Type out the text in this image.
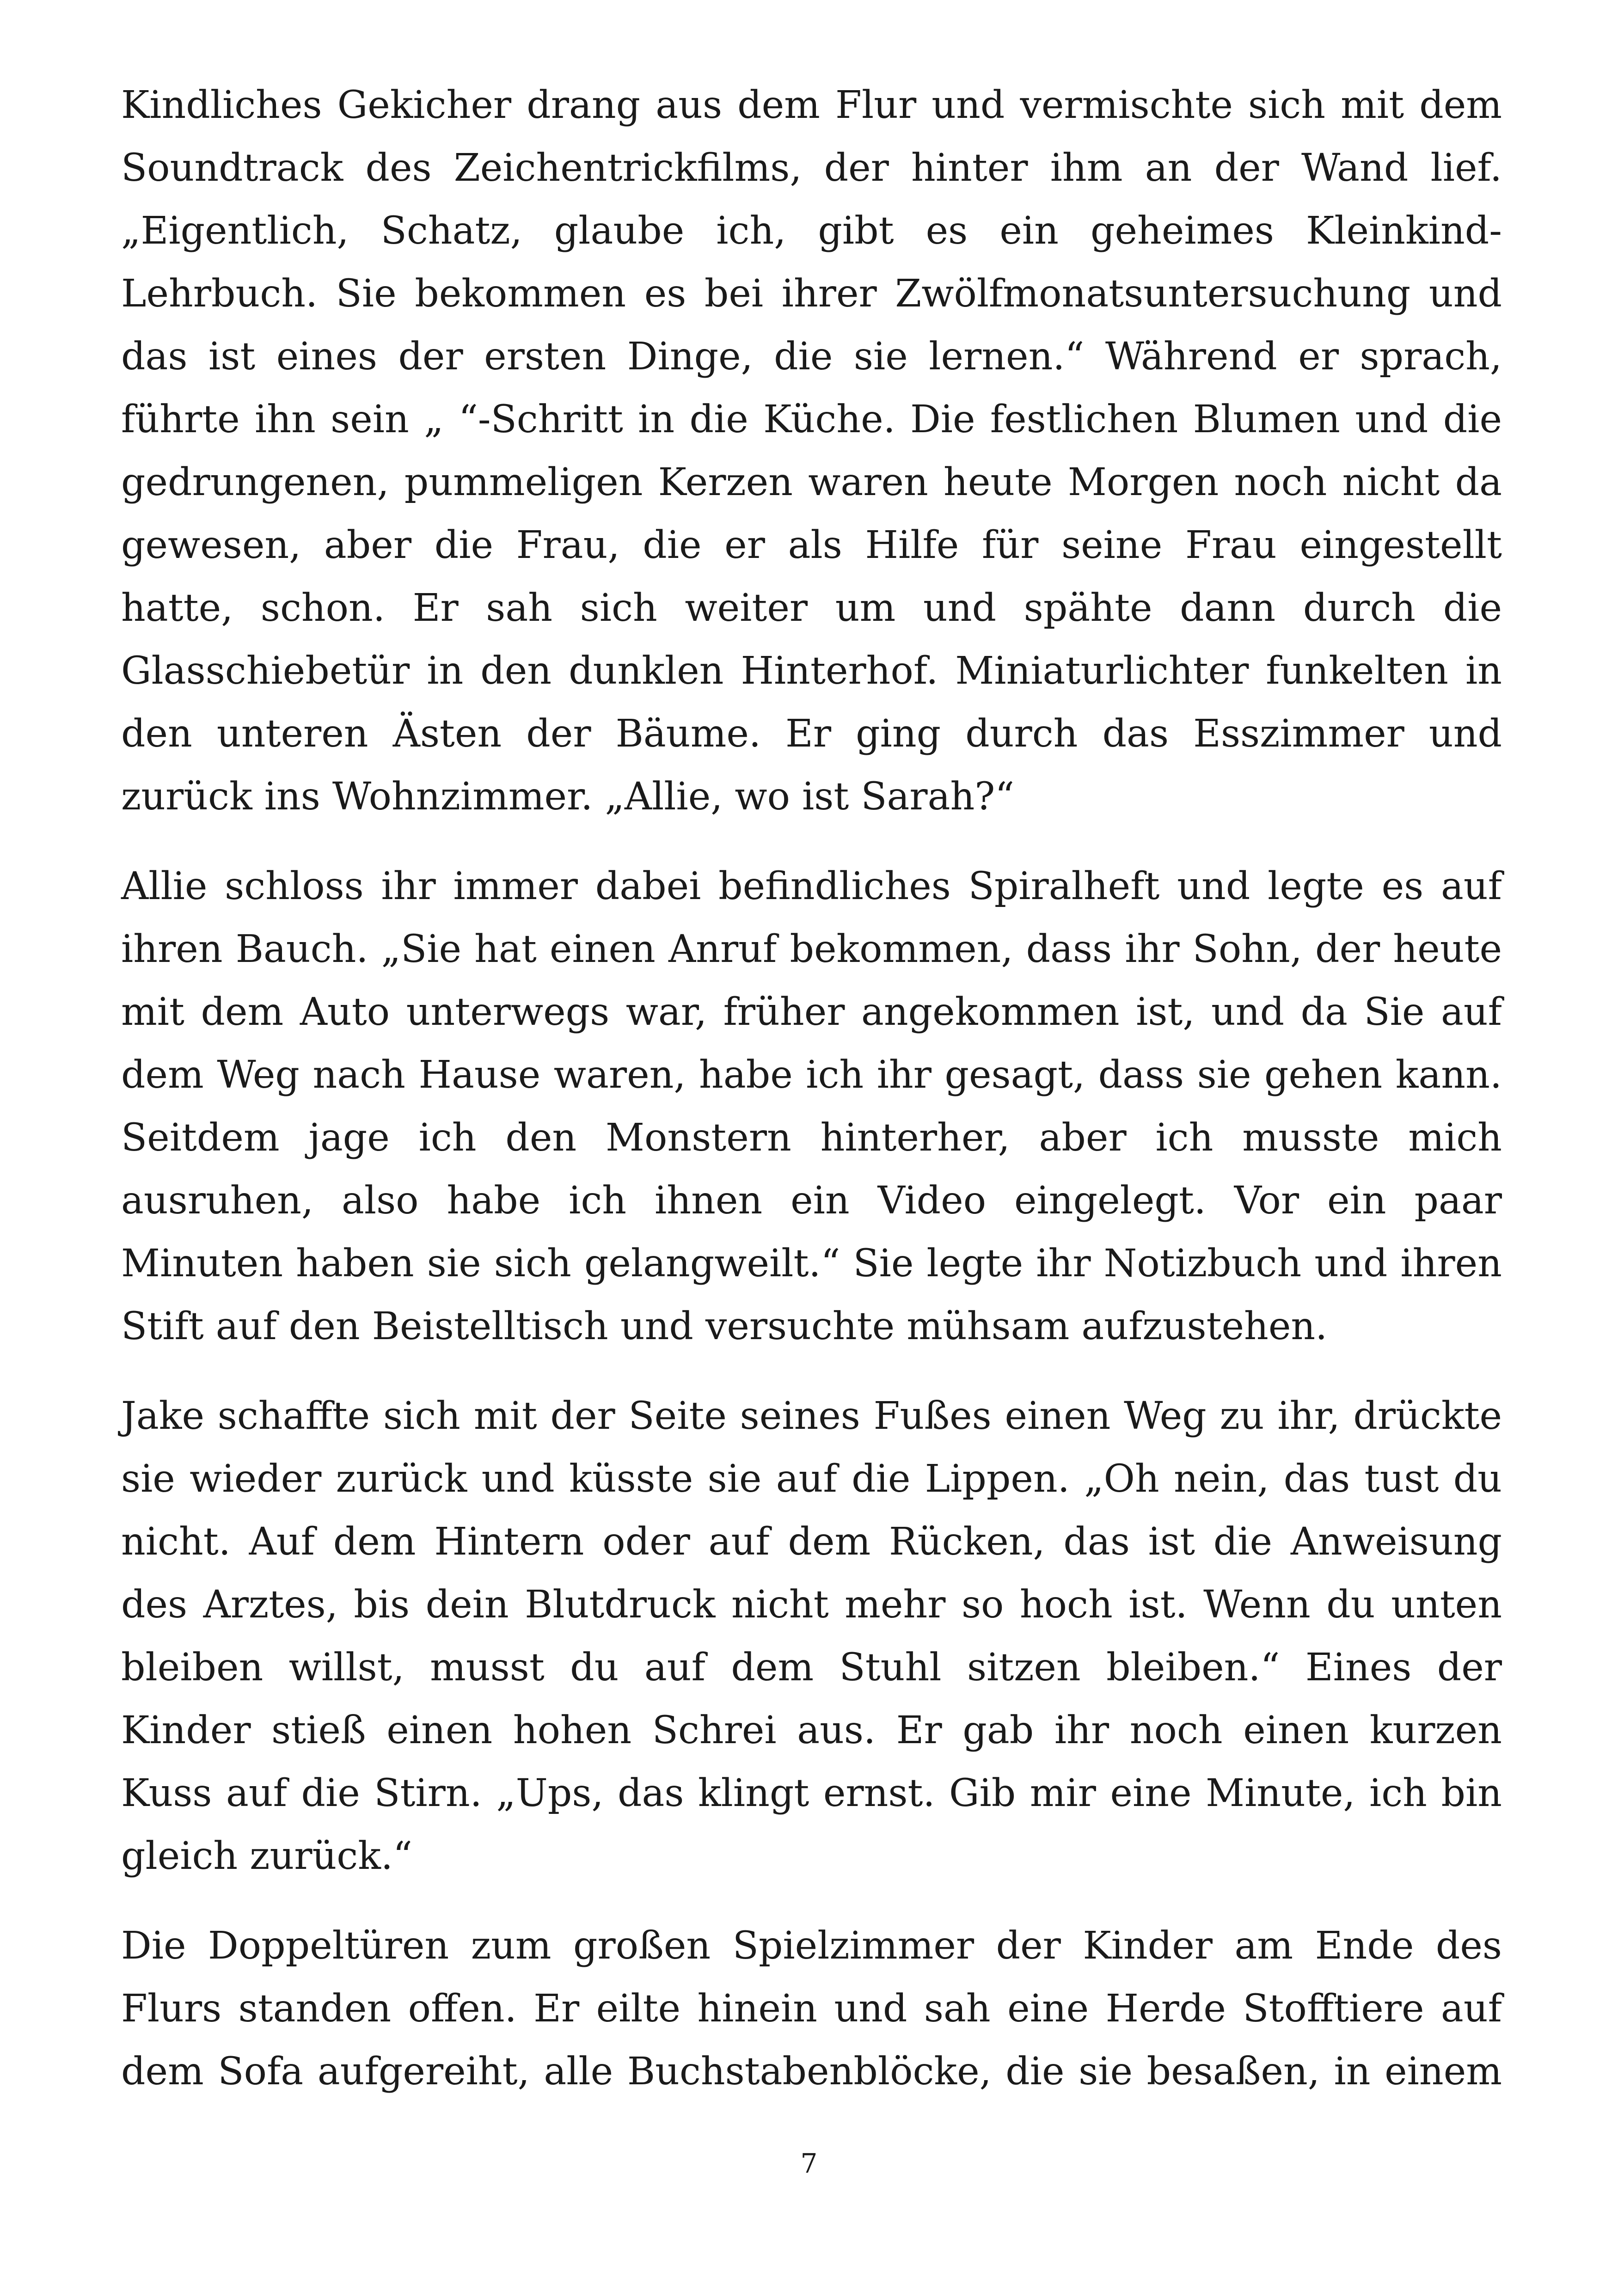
Kindliches Gekicher drang aus dem Flur und vermischte sich mit dem Soundtrack des Zeichentrickfilms, der hinter ihm an der Wand lief. „Eigentlich, Schatz, glaube ich, gibt es ein geheimes Kleinkind-Lehrbuch. Sie bekommen es bei ihrer Zwölfmonatsuntersuchung und das ist eines der ersten Dinge, die sie lernen.“ Während er sprach, führte ihn sein „ “-Schritt in die Küche. Die festlichen Blumen und die gedrungenen, pummeligen Kerzen waren heute Morgen noch nicht da gewesen, aber die Frau, die er als Hilfe für seine Frau eingestellt hatte, schon. Er sah sich weiter um und spähte dann durch die Glasschiebetür in den dunklen Hinterhof. Miniaturlichter funkelten in den unteren Ästen der Bäume. Er ging durch das Esszimmer und zurück ins Wohnzimmer. „Allie, wo ist Sarah?“

Allie schloss ihr immer dabei befindliches Spiralheft und legte es auf ihren Bauch. „Sie hat einen Anruf bekommen, dass ihr Sohn, der heute mit dem Auto unterwegs war, früher angekommen ist, und da Sie auf dem Weg nach Hause waren, habe ich ihr gesagt, dass sie gehen kann. Seitdem jage ich den Monstern hinterher, aber ich musste mich ausruhen, also habe ich ihnen ein Video eingelegt. Vor ein paar Minuten haben sie sich gelangweilt.“ Sie legte ihr Notizbuch und ihren Stift auf den Beistelltisch und versuchte mühsam aufzustehen.

Jake schaffte sich mit der Seite seines Fußes einen Weg zu ihr, drückte sie wieder zurück und küsste sie auf die Lippen. „Oh nein, das tust du nicht. Auf dem Hintern oder auf dem Rücken, das ist die Anweisung des Arztes, bis dein Blutdruck nicht mehr so hoch ist. Wenn du unten bleiben willst, musst du auf dem Stuhl sitzen bleiben.“ Eines der Kinder stieß einen hohen Schrei aus. Er gab ihr noch einen kurzen Kuss auf die Stirn. „Ups, das klingt ernst. Gib mir eine Minute, ich bin gleich zurück.“

Die Doppeltüren zum großen Spielzimmer der Kinder am Ende des Flurs standen offen. Er eilte hinein und sah eine Herde Stofftiere auf dem Sofa aufgereiht, alle Buchstabenblöcke, die sie besaßen, in einem

7
